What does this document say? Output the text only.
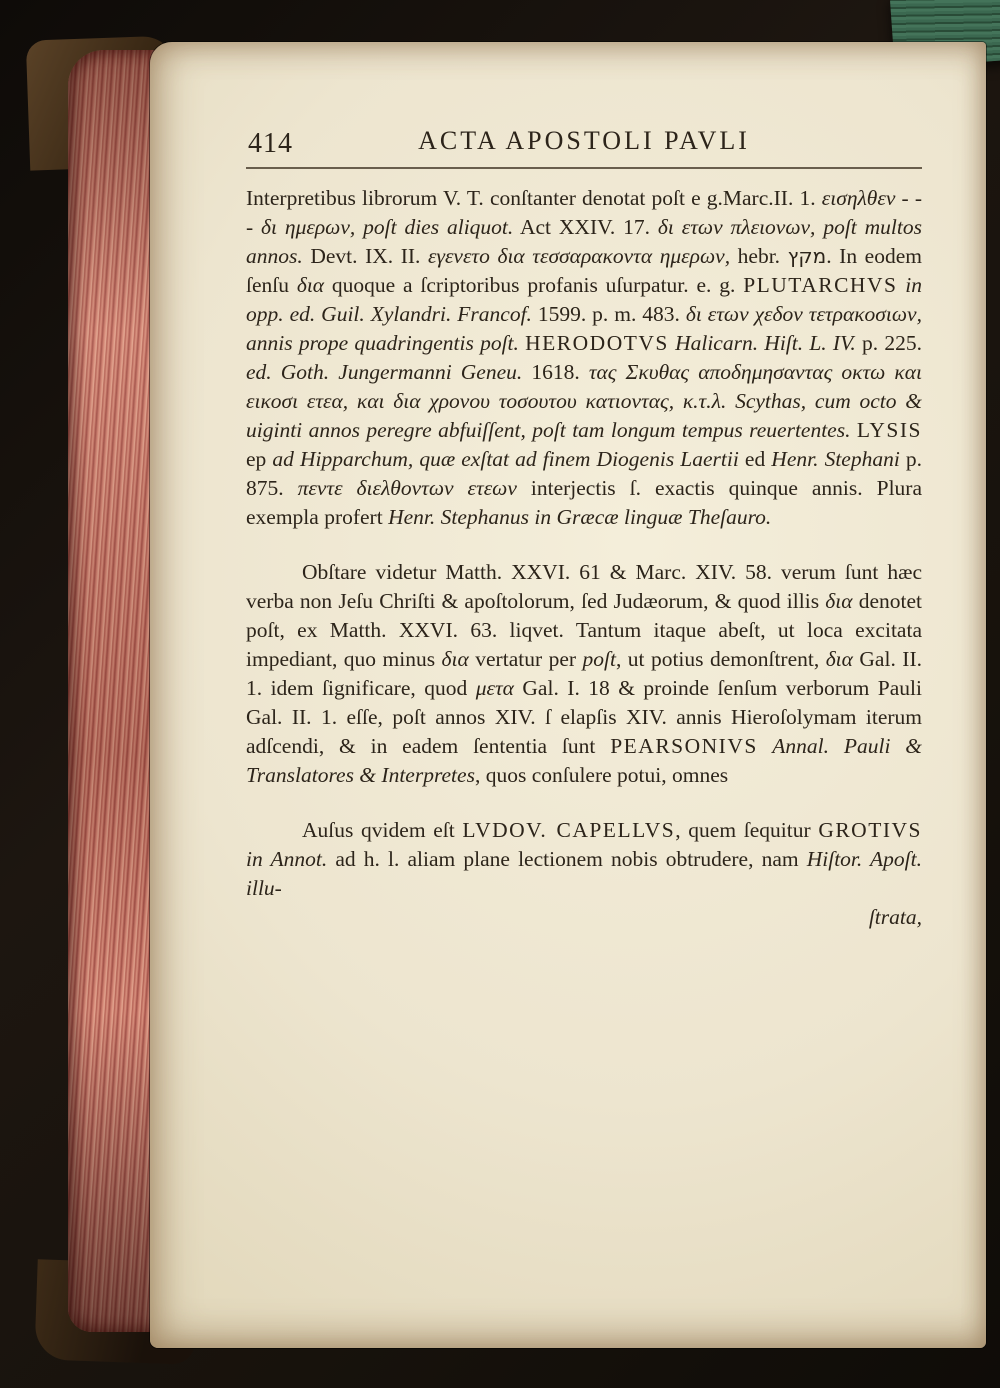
414	ACTA APOSTOLI PAVLI

Interpretibus librorum V. T. conſtanter denotat poſt e g.Marc.II. 1. εισηλθεν - - - δι ημερων, poſt dies aliquot. Act XXIV. 17. δι ετων πλειονων, poſt multos annos. Devt. IX. II. εγενετο δια τεσσαρακοντα ημερων, hebr. מקץ. In eodem ſenſu δια quoque a ſcriptoribus profanis uſurpatur. e. g. PLUTARCHVS in opp. ed. Guil. Xylandri. Francof. 1599. p. m. 483. δι ετων χεδον τετρακοσιων, annis prope quadringentis poſt. HERODOTVS Halicarn. Hiſt. L. IV. p. 225. ed. Goth. Jungermanni Geneu. 1618. τας Σκυθας αποδημησαντας οκτω και εικοσι ετεα, και δια χρονου τοσουτου κατιοντας, κ.τ.λ. Scythas, cum octo & uiginti annos peregre abfuiſſent, poſt tam longum tempus reuertentes. LYSIS ep ad Hipparchum, quæ exſtat ad finem Diogenis Laertii ed Henr. Stephani p. 875. πεντε διελθοντων ετεων interjectis ſ. exactis quinque annis. Plura exempla profert Henr. Stephanus in Græcæ linguæ Theſauro.

Obſtare videtur Matth. XXVI. 61 & Marc. XIV. 58. verum ſunt hæc verba non Jeſu Chriſti & apoſtolorum, ſed Judæorum, & quod illis δια denotet poſt, ex Matth. XXVI. 63. liqvet. Tantum itaque abeſt, ut loca excitata impediant, quo minus δια vertatur per poſt, ut potius demonſtrent, δια Gal. II. 1. idem ſignificare, quod μετα Gal. I. 18 & proinde ſenſum verborum Pauli Gal. II. 1. eſſe, poſt annos XIV. ſ elapſis XIV. annis Hieroſolymam iterum adſcendi, & in eadem ſententia ſunt PEARSONIVS Annal. Pauli & Translatores & Interpretes, quos conſulere potui, omnes

Auſus qvidem eſt LVDOV. CAPELLVS, quem ſequitur GROTIVS in Annot. ad h. l. aliam plane lectionem nobis obtrudere, nam Hiſtor. Apoſt. illu-

ſtrata,
